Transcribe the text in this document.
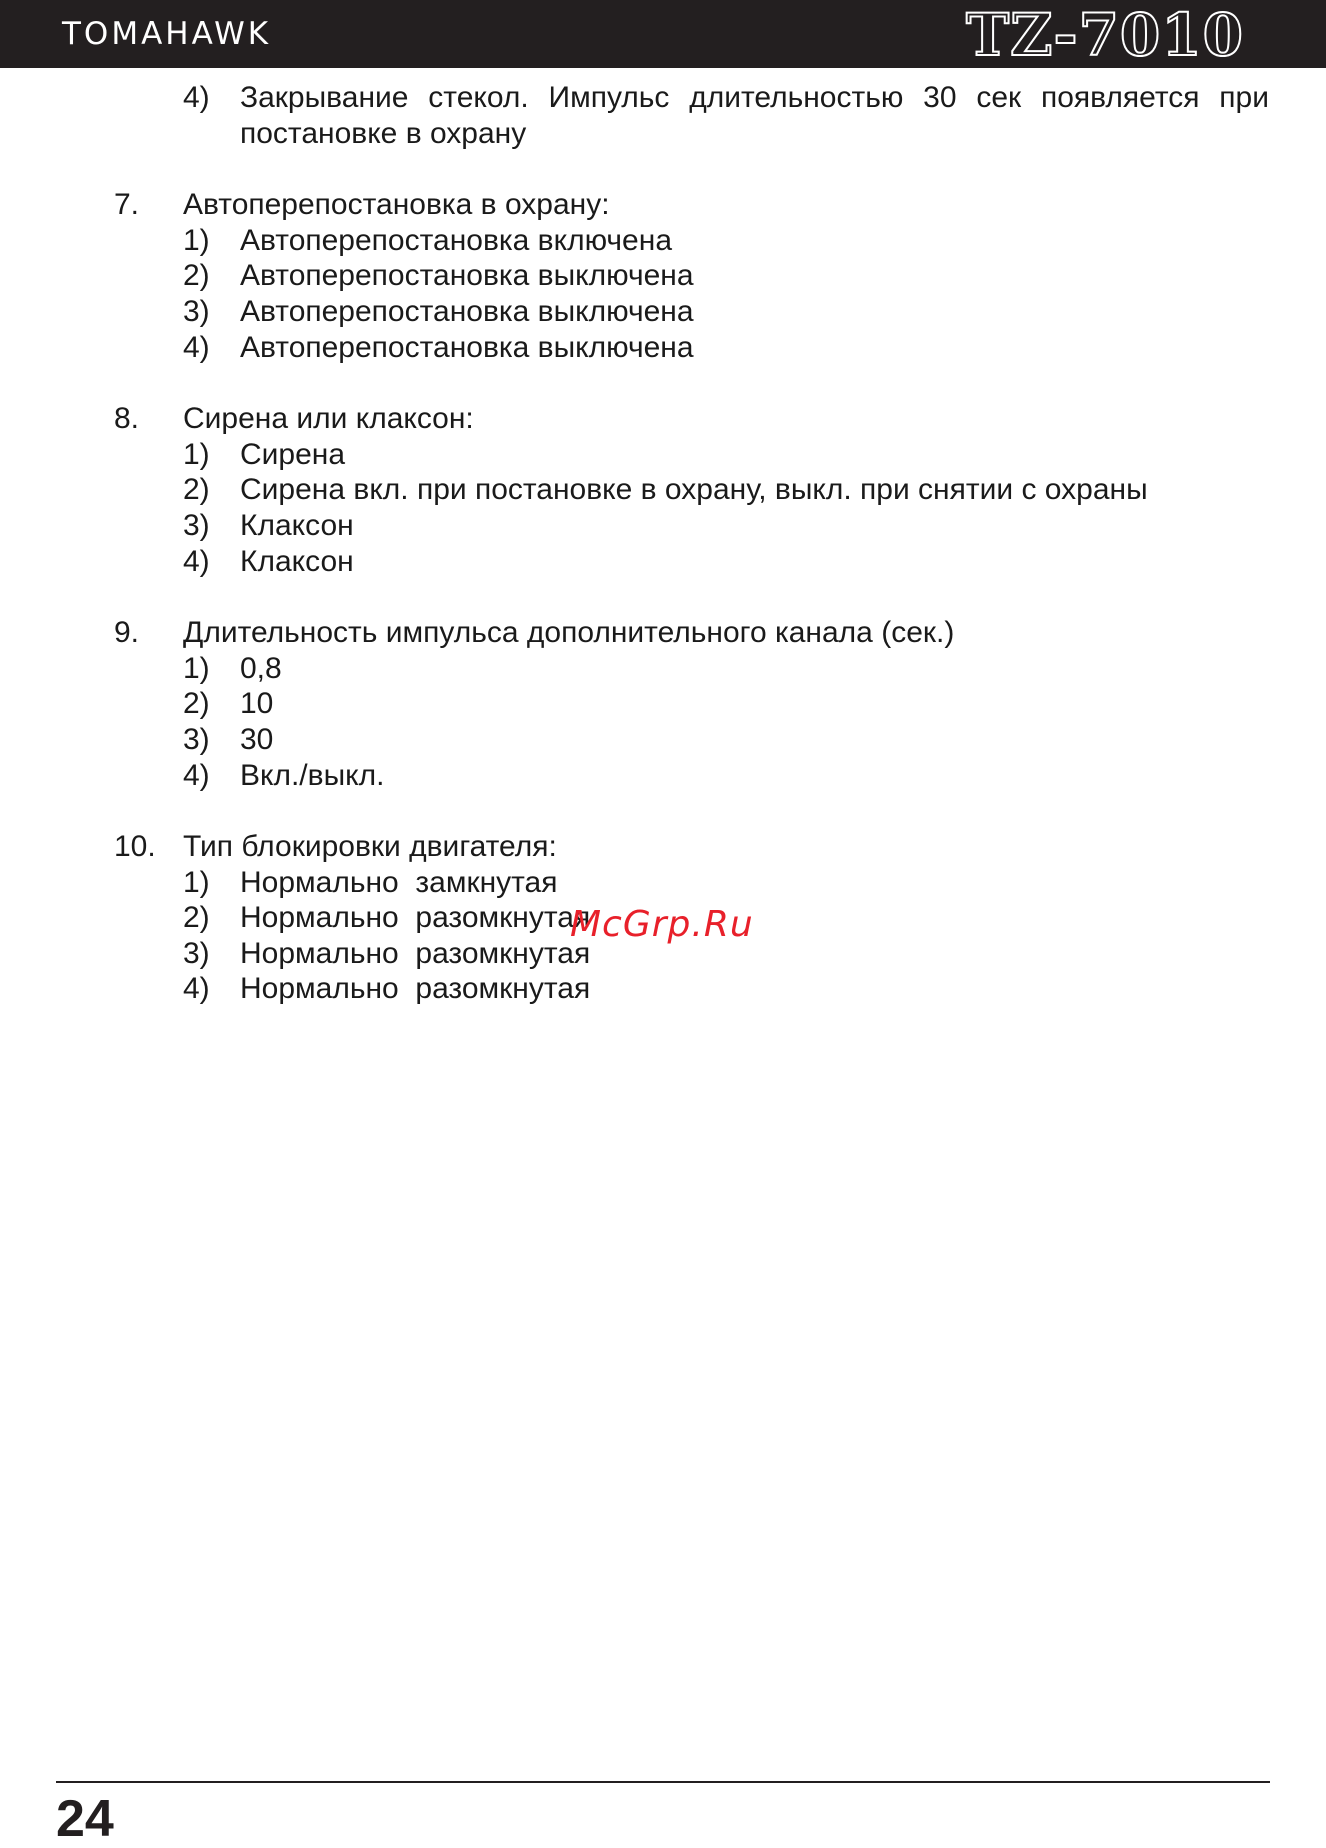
TOMAHAWK	TZ-7010
4) Закрывание стекол. Импульс длительностью 30 сек появляется при постановке в охрану
7. Автоперепостановка в охрану:
1) Автоперепостановка включена
2) Автоперепостановка выключена
3) Автоперепостановка выключена
4) Автоперепостановка выключена
8. Сирена или клаксон:
1) Сирена
2) Сирена вкл. при постановке в охрану, выкл. при снятии с охраны
3) Клаксон
4) Клаксон
9. Длительность импульса дополнительного канала (сек.)
1) 0,8
2) 10
3) 30
4) Вкл./выкл.
10. Тип блокировки двигателя:
1) Нормально  замкнутая
2) Нормально  разомкнутая
3) Нормально  разомкнутая
4) Нормально  разомкнутая
McGrp.Ru
24
